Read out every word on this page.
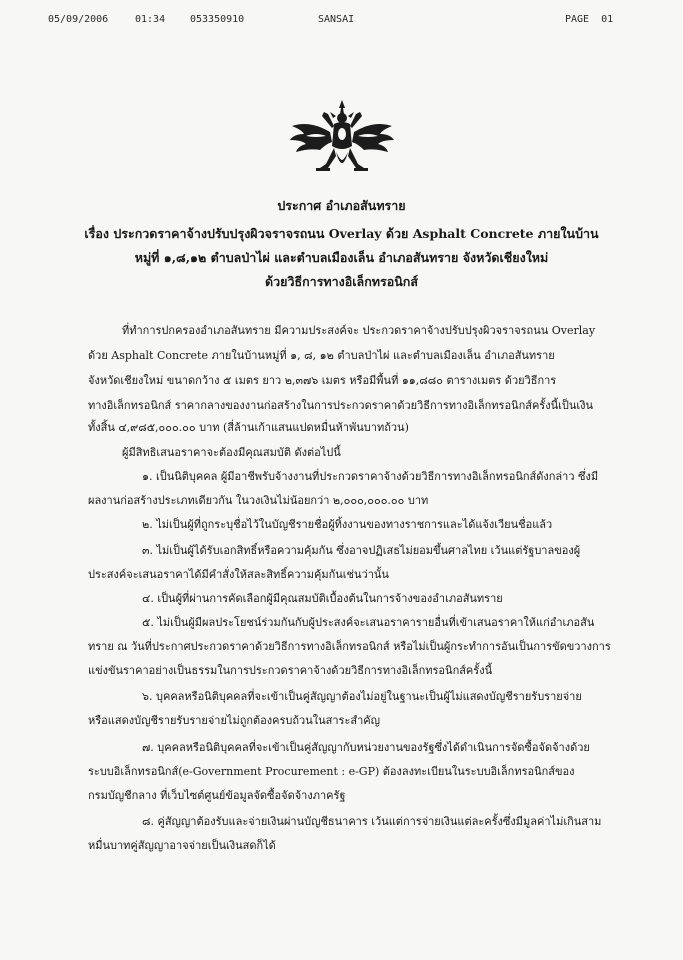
05/09/2006	01:34 053350910	SANSAI	PAGE 01
ประกาศ อำเภอสันทราย
เรื่อง ประกวดราคาจ้างปรับปรุงผิวจราจรถนน Overlay ด้วย Asphalt Concrete ภายในบ้าน
หมู่ที่ ๑,๘,๑๒ ตำบลป่าไผ่ และตำบลเมืองเล็น อำเภอสันทราย จังหวัดเชียงใหม่
ด้วยวิธีการทางอิเล็กทรอนิกส์
ที่ทำการปกครองอำเภอสันทราย มีความประสงค์จะ ประกวดราคาจ้างปรับปรุงผิวจราจรถนน Overlay
ด้วย Asphalt Concrete ภายในบ้านหมู่ที่ ๑, ๘, ๑๒ ตำบลป่าไผ่ และตำบลเมืองเล็น อำเภอสันทราย
จังหวัดเชียงใหม่ ขนาดกว้าง ๕ เมตร ยาว ๒,๓๗๖ เมตร หรือมีพื้นที่ ๑๑,๘๘๐ ตารางเมตร ด้วยวิธีการ
ทางอิเล็กทรอนิกส์ ราคากลางของงานก่อสร้างในการประกวดราคาด้วยวิธีการทางอิเล็กทรอนิกส์ครั้งนี้เป็นเงิน
ทั้งสิ้น ๔,๙๘๕,๐๐๐.๐๐ บาท (สี่ล้านเก้าแสนแปดหมื่นห้าพันบาทถ้วน)
ผู้มีสิทธิเสนอราคาจะต้องมีคุณสมบัติ ดังต่อไปนี้
๑. เป็นนิติบุคคล ผู้มีอาชีพรับจ้างงานที่ประกวดราคาจ้างด้วยวิธีการทางอิเล็กทรอนิกส์ดังกล่าว ซึ่งมี
ผลงานก่อสร้างประเภทเดียวกัน ในวงเงินไม่น้อยกว่า ๒,๐๐๐,๐๐๐.๐๐ บาท
๒. ไม่เป็นผู้ที่ถูกระบุชื่อไว้ในบัญชีรายชื่อผู้ทิ้งงานของทางราชการและได้แจ้งเวียนชื่อแล้ว
๓. ไม่เป็นผู้ได้รับเอกสิทธิ์หรือความคุ้มกัน ซึ่งอาจปฏิเสธไม่ยอมขึ้นศาลไทย เว้นแต่รัฐบาลของผู้
ประสงค์จะเสนอราคาได้มีคำสั่งให้สละสิทธิ์ความคุ้มกันเช่นว่านั้น
๔. เป็นผู้ที่ผ่านการคัดเลือกผู้มีคุณสมบัติเบื้องต้นในการจ้างของอำเภอสันทราย
๕. ไม่เป็นผู้มีผลประโยชน์ร่วมกันกับผู้ประสงค์จะเสนอราคารายอื่นที่เข้าเสนอราคาให้แก่อำเภอสัน
ทราย ณ วันที่ประกาศประกวดราคาด้วยวิธีการทางอิเล็กทรอนิกส์ หรือไม่เป็นผู้กระทำการอันเป็นการขัดขวางการ
แข่งขันราคาอย่างเป็นธรรมในการประกวดราคาจ้างด้วยวิธีการทางอิเล็กทรอนิกส์ครั้งนี้
๖. บุคคลหรือนิติบุคคลที่จะเข้าเป็นคู่สัญญาต้องไม่อยู่ในฐานะเป็นผู้ไม่แสดงบัญชีรายรับรายจ่าย
หรือแสดงบัญชีรายรับรายจ่ายไม่ถูกต้องครบถ้วนในสาระสำคัญ
๗. บุคคลหรือนิติบุคคลที่จะเข้าเป็นคู่สัญญากับหน่วยงานของรัฐซึ่งได้ดำเนินการจัดซื้อจัดจ้างด้วย
ระบบอิเล็กทรอนิกส์(e-Government Procurement : e-GP) ต้องลงทะเบียนในระบบอิเล็กทรอนิกส์ของ
กรมบัญชีกลาง ที่เว็บไซต์ศูนย์ข้อมูลจัดซื้อจัดจ้างภาครัฐ
๘. คู่สัญญาต้องรับและจ่ายเงินผ่านบัญชีธนาคาร เว้นแต่การจ่ายเงินแต่ละครั้งซึ่งมีมูลค่าไม่เกินสาม
หมื่นบาทคู่สัญญาอาจจ่ายเป็นเงินสดก็ได้
